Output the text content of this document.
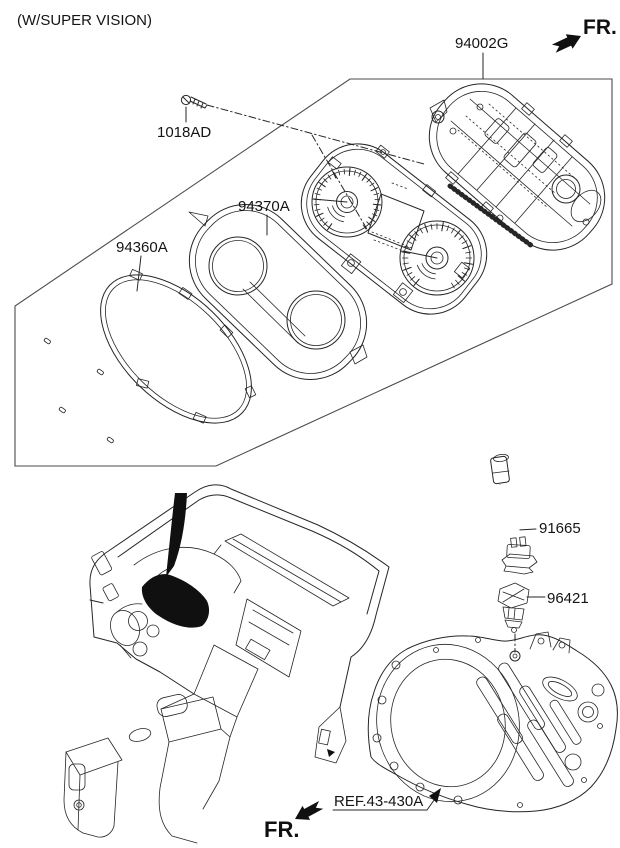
(W/SUPER VISION)	FR.
94002G
1018AD
94370A
94360A
91665
96421
REF.43-430A
FR.
